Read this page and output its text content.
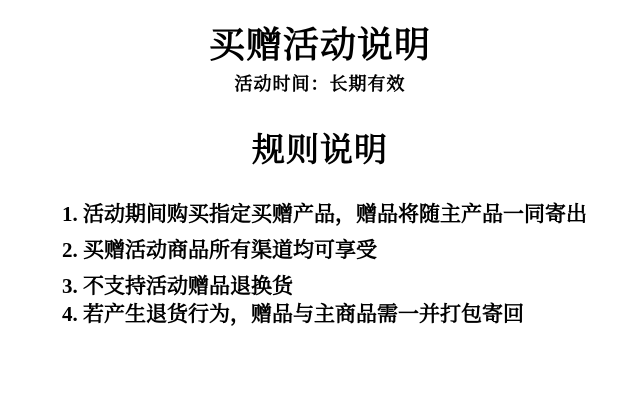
买赠活动说明
活动时间：长期有效
规则说明
1. 活动期间购买指定买赠产品，赠品将随主产品一同寄出
2. 买赠活动商品所有渠道均可享受
3. 不支持活动赠品退换货
4. 若产生退货行为，赠品与主商品需一并打包寄回
